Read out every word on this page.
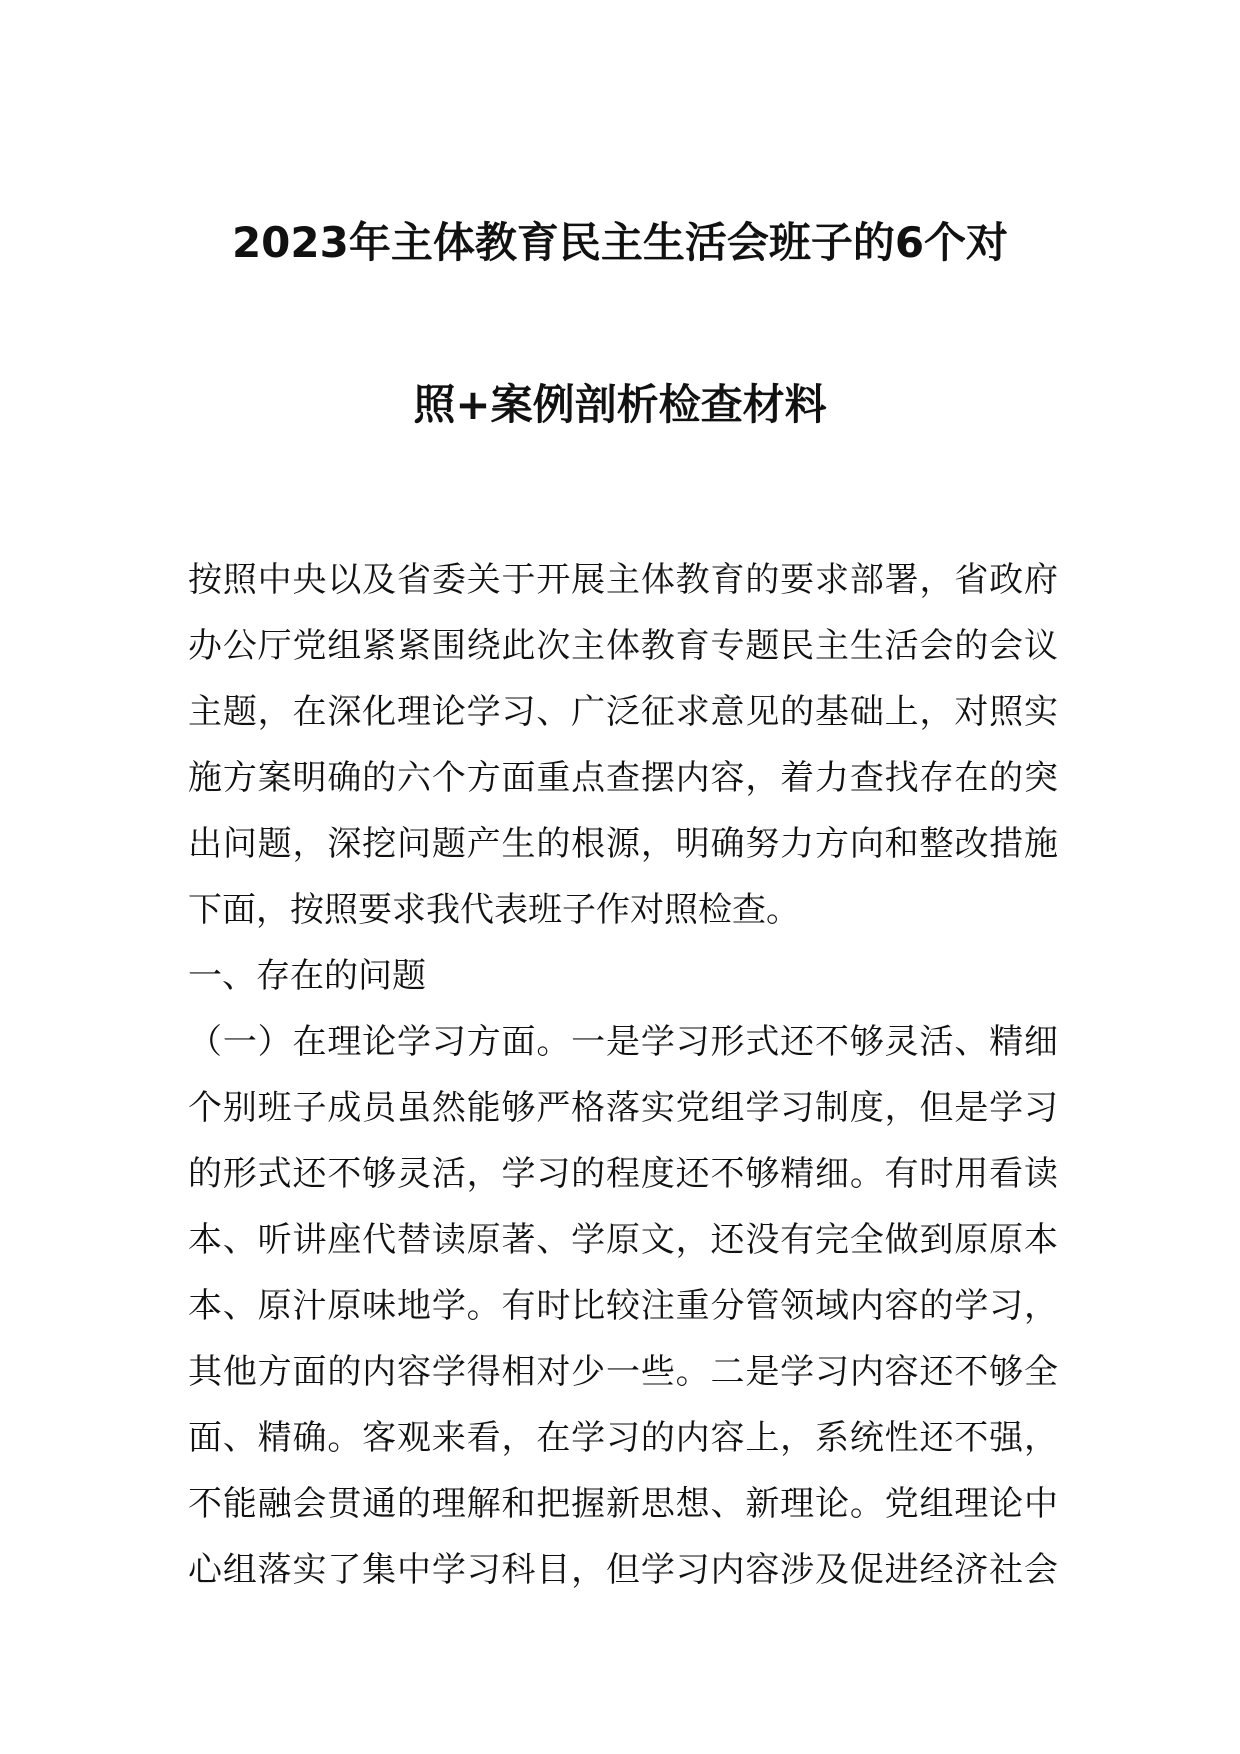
2023年主体教育民主生活会班子的6个对
照+案例剖析检查材料
按照中央以及省委关于开展主体教育的要求部署，省政府
办公厅党组紧紧围绕此次主体教育专题民主生活会的会议
主题，在深化理论学习、广泛征求意见的基础上，对照实
施方案明确的六个方面重点查摆内容，着力查找存在的突
出问题，深挖问题产生的根源，明确努力方向和整改措施
下面，按照要求我代表班子作对照检查。
一、存在的问题
（一）在理论学习方面。一是学习形式还不够灵活、精细
个别班子成员虽然能够严格落实党组学习制度，但是学习
的形式还不够灵活，学习的程度还不够精细。有时用看读
本、听讲座代替读原著、学原文，还没有完全做到原原本
本、原汁原味地学。有时比较注重分管领域内容的学习，
其他方面的内容学得相对少一些。二是学习内容还不够全
面、精确。客观来看，在学习的内容上，系统性还不强，
不能融会贯通的理解和把握新思想、新理论。党组理论中
心组落实了集中学习科目，但学习内容涉及促进经济社会
